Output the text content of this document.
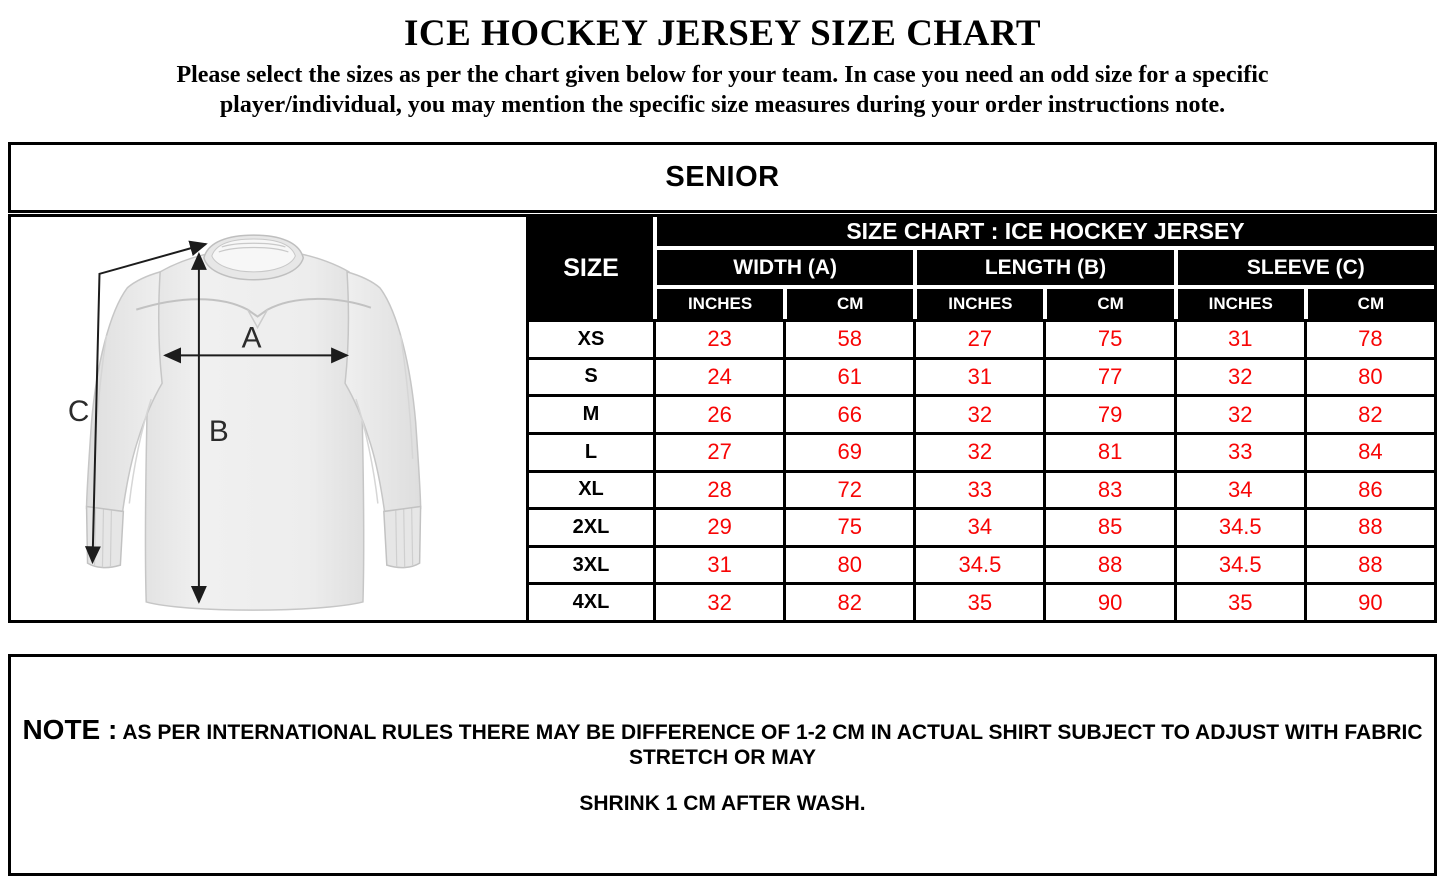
ICE HOCKEY JERSEY SIZE CHART

Please select the sizes as per the chart given below for your team. In case you need an odd size for a specific
player/individual, you may mention the specific size measures during your order instructions note.

SENIOR
A
B
C
SIZE
SIZE CHART : ICE HOCKEY JERSEY
WIDTH (A)	LENGTH (B)	SLEEVE (C)
INCHES	CM	INCHES	CM	INCHES	CM
XS	23	58	27	75	31	78
S	24	61	31	77	32	80
M	26	66	32	79	32	82
L	27	69	32	81	33	84
XL	28	72	33	83	34	86
2XL	29	75	34	85	34.5	88
3XL	31	80	34.5	88	34.5	88
4XL	32	82	35	90	35	90
NOTE : AS PER INTERNATIONAL RULES THERE MAY BE DIFFERENCE OF 1-2 CM IN ACTUAL SHIRT SUBJECT TO ADJUST WITH FABRIC STRETCH OR MAY
SHRINK 1 CM AFTER WASH.
